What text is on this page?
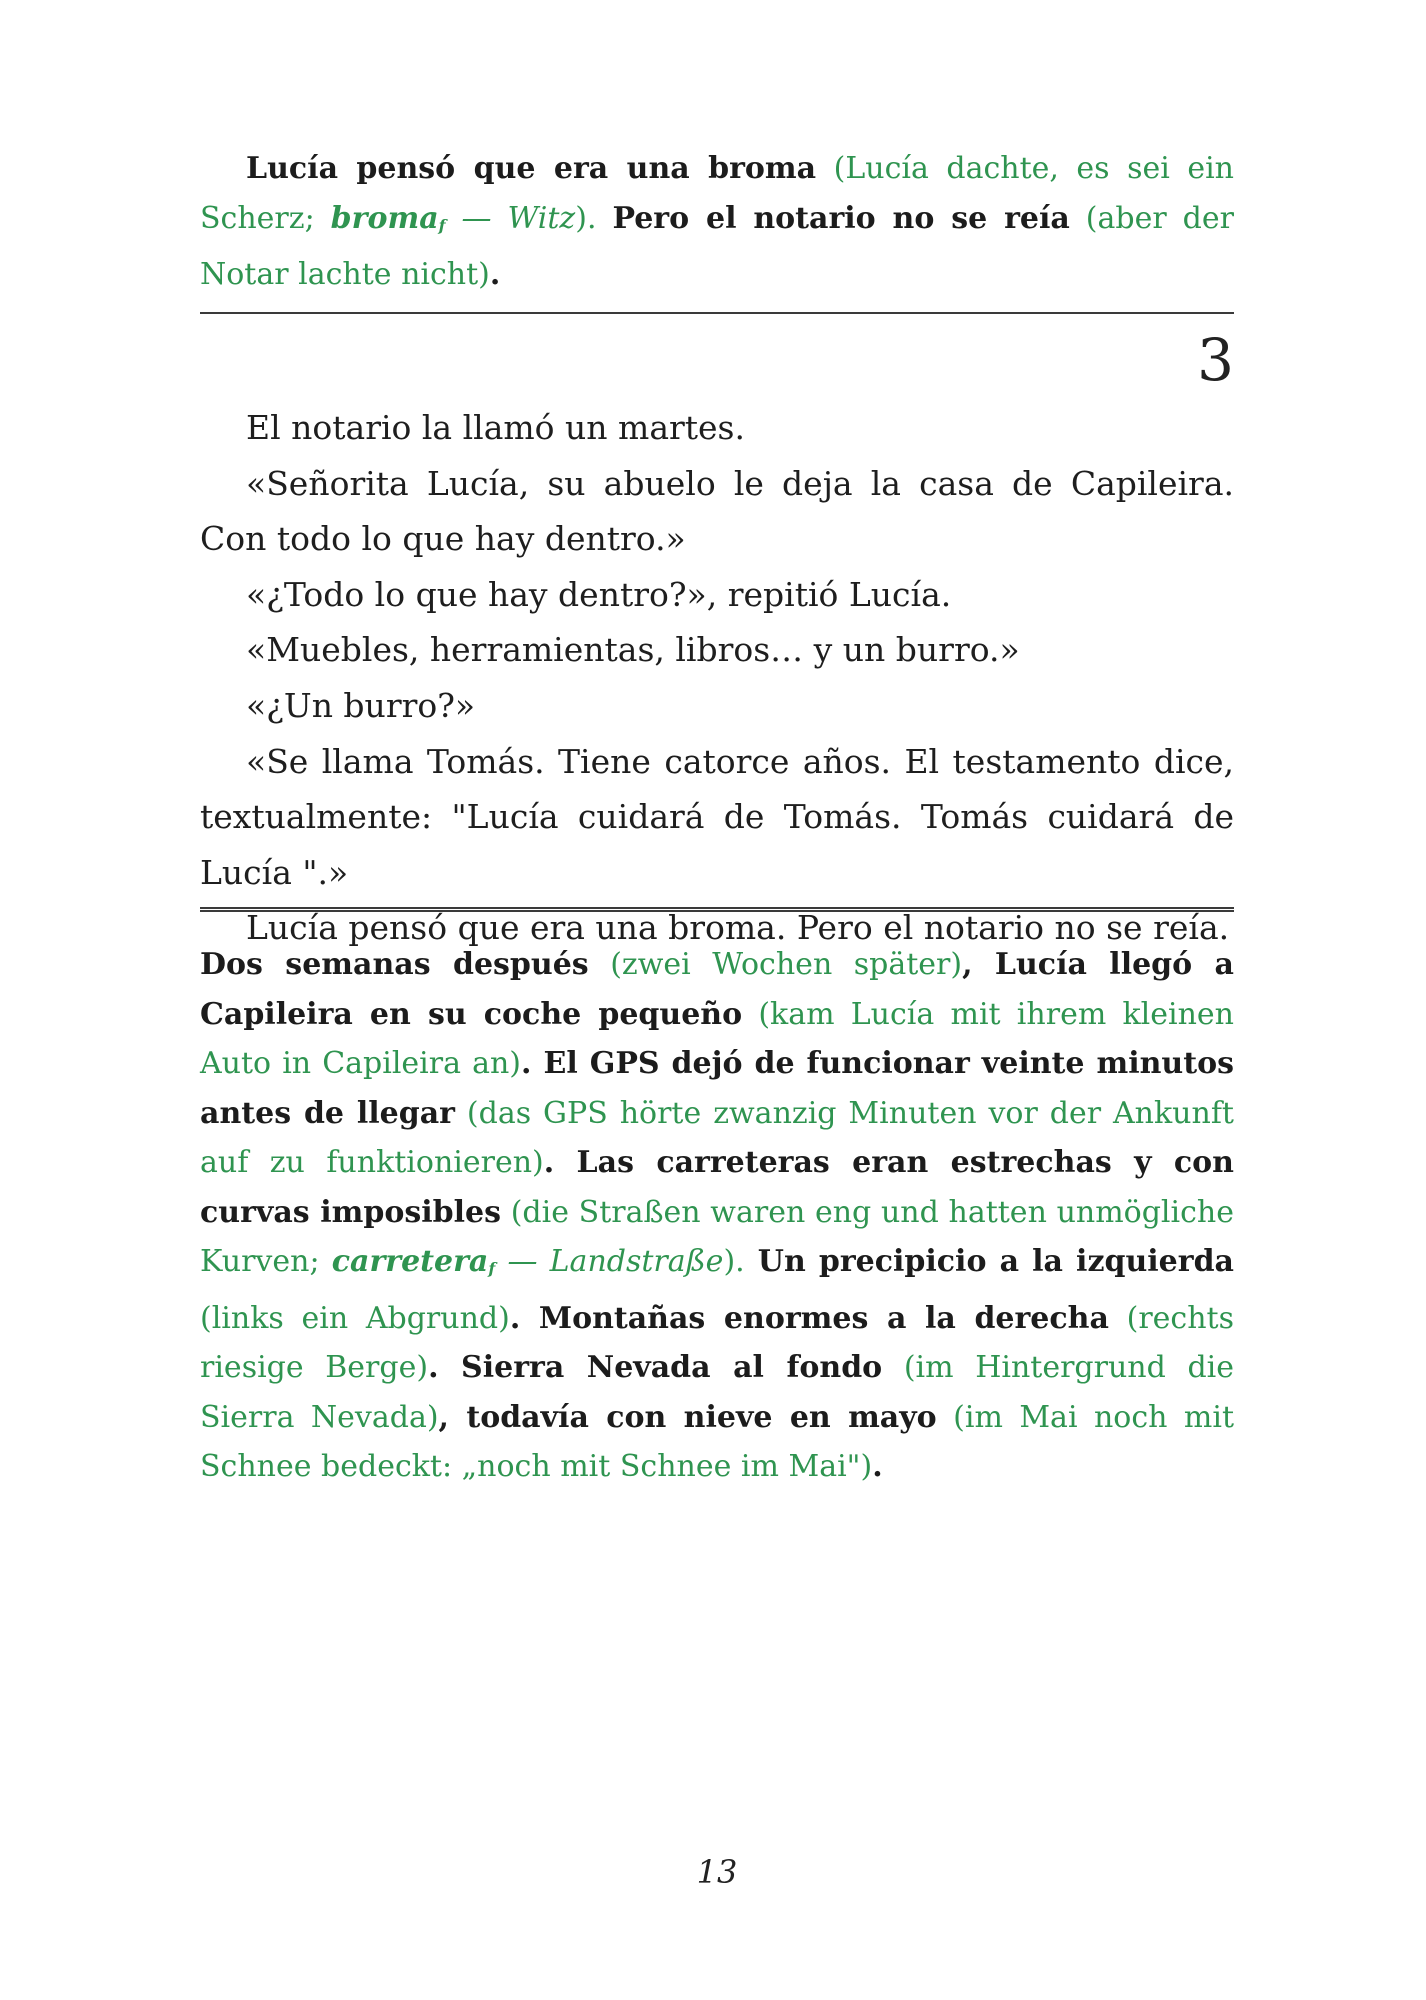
Lucía pensó que era una broma (Lucía dachte, es sei ein Scherz; broma$_f$ — Witz). Pero el notario no se reía (aber der Notar lachte nicht).
3
El notario la llamó un martes.
«Señorita Lucía, su abuelo le deja la casa de Capileira. Con todo lo que hay dentro.»
«¿Todo lo que hay dentro?», repitió Lucía.
«Muebles, herramientas, libros… y un burro.»
«¿Un burro?»
«Se llama Tomás. Tiene catorce años. El testamento dice, textualmente: "Lucía cuidará de Tomás. Tomás cuidará de Lucía ".»
Lucía pensó que era una broma. Pero el notario no se reía.
Dos semanas después (zwei Wochen später), Lucía llegó a Capileira en su coche pequeño (kam Lucía mit ihrem kleinen Auto in Capileira an). El GPS dejó de funcionar veinte minutos antes de llegar (das GPS hörte zwanzig Minuten vor der Ankunft auf zu funktionieren). Las carreteras eran estrechas y con curvas imposibles (die Straßen waren eng und hatten unmögliche Kurven; carretera$_f$ — Landstraße). Un precipicio a la izquierda (links ein Abgrund). Montañas enormes a la derecha (rechts riesige Berge). Sierra Nevada al fondo (im Hintergrund die Sierra Nevada), todavía con nieve en mayo (im Mai noch mit Schnee bedeckt: „noch mit Schnee im Mai").
13
